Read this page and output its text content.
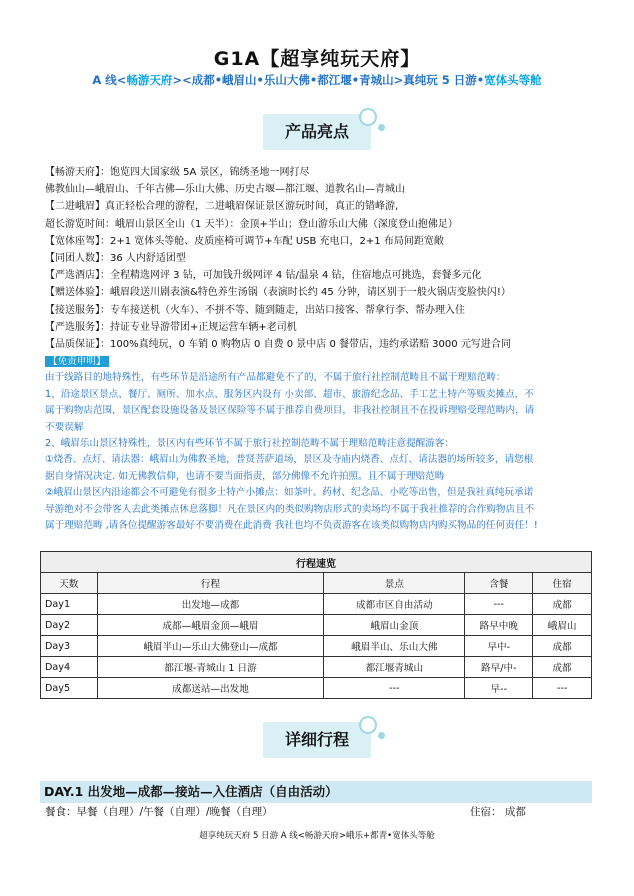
G1A【超享纯玩天府】
A 线<畅游天府><成都•峨眉山•乐山大佛•都江堰•青城山>真纯玩 5 日游•宽体头等舱
产品亮点
【畅游天府】：饱览四大国家级 5A 景区，锦绣圣地一网打尽
佛教仙山—峨眉山、千年古佛—乐山大佛、历史古堰—都江堰、道教名山—青城山
【二进峨眉】真正轻松合理的游程，二进峨眉保证景区游玩时间，真正的错峰游,
超长游览时间：峨眉山景区全山（1 天半）：金顶+半山；登山游乐山大佛（深度登山抱佛足）
【宽体座驾】：2+1 宽体头等舱、皮质座椅可调节+车配 USB 充电口，2+1 布局间距宽敞
【同团人数】：36 人内舒适团型
【严选酒店】：全程精选网评 3 钻，可加钱升级网评 4 钻/温泉 4 钻，住宿地点可挑选，套餐多元化
【赠送体验】：峨眉段送川剧表演&特色养生汤锅（表演时长约 45 分钟，请区别于一般火锅店变脸快闪!）
【接送服务】：专车接送机（火车）、不拼不等、随到随走，出站口接客、帮拿行李、帮办理入住
【严选服务】：持证专业导游带团+正规运营车辆+老司机
【品质保证】：100%真纯玩，0 车销 0 购物店 0 自费 0 景中店 0 餐带店，违约承诺赔 3000 元写进合同
【免责申明】
由于线路目的地特殊性，有些环节是沿途所有产品都避免不了的，不属于旅行社控制范畴且不属于理赔范畴：
1、沿途景区景点、餐厅、厕所、加水点、服务区内设有 小卖部、超市、旅游纪念品、手工艺土特产等贩卖摊点，不
属于购物店范围，景区配套设施设备及景区保险等不属于推荐自费项目，非我社控制且不在投诉理赔受理范畴内，请
不要误解
2、峨眉乐山景区特殊性，景区内有些环节不属于旅行社控制范畴不属于理赔范畴注意提醒游客：
①烧香、点灯、请法器：峨眉山为佛教圣地，普贤菩萨道场，景区及寺庙内烧香、点灯、请法器的场所较多，请您根
据自身情况决定. 如无佛教信仰，也请不要当面指责，部分佛像不允许拍照。且不属于理赔范畴
②峨眉山景区内沿途都会不可避免有很多土特产小摊点：如茶叶、药材、纪念品、小吃等出售，但是我社真纯玩承诺
导游绝对不会带客人去此类摊点休息落脚！凡在景区内的类似购物店形式的卖场均不属于我社推荐的合作购物店且不
属于理赔范畴 ,请各位提醒游客最好不要消费在此消费 我社也均不负责游客在该类似购物店内购买物品的任何责任！!
行程速览				
天数	行程	景点	含餐	住宿
Day1	出发地—成都	成都市区自由活动	---	成都
Day2	成都—峨眉金顶—峨眉	峨眉山金顶	路早中晚	峨眉山
Day3	峨眉半山—乐山大佛登山—成都	峨眉半山、乐山大佛	早中-	成都
Day4	都江堰-青城山 1 日游	都江堰青城山	路早/中-	成都
Day5	成都送站—出发地	---	早--	---
详细行程
DAY.1 出发地—成都—接站—入住酒店（自由活动）
餐食：早餐（自理）/午餐（自理）/晚餐（自理）	住宿： 成都
超享纯玩天府 5 日游 A 线<畅游天府>峨乐+都青•宽体头等舱
